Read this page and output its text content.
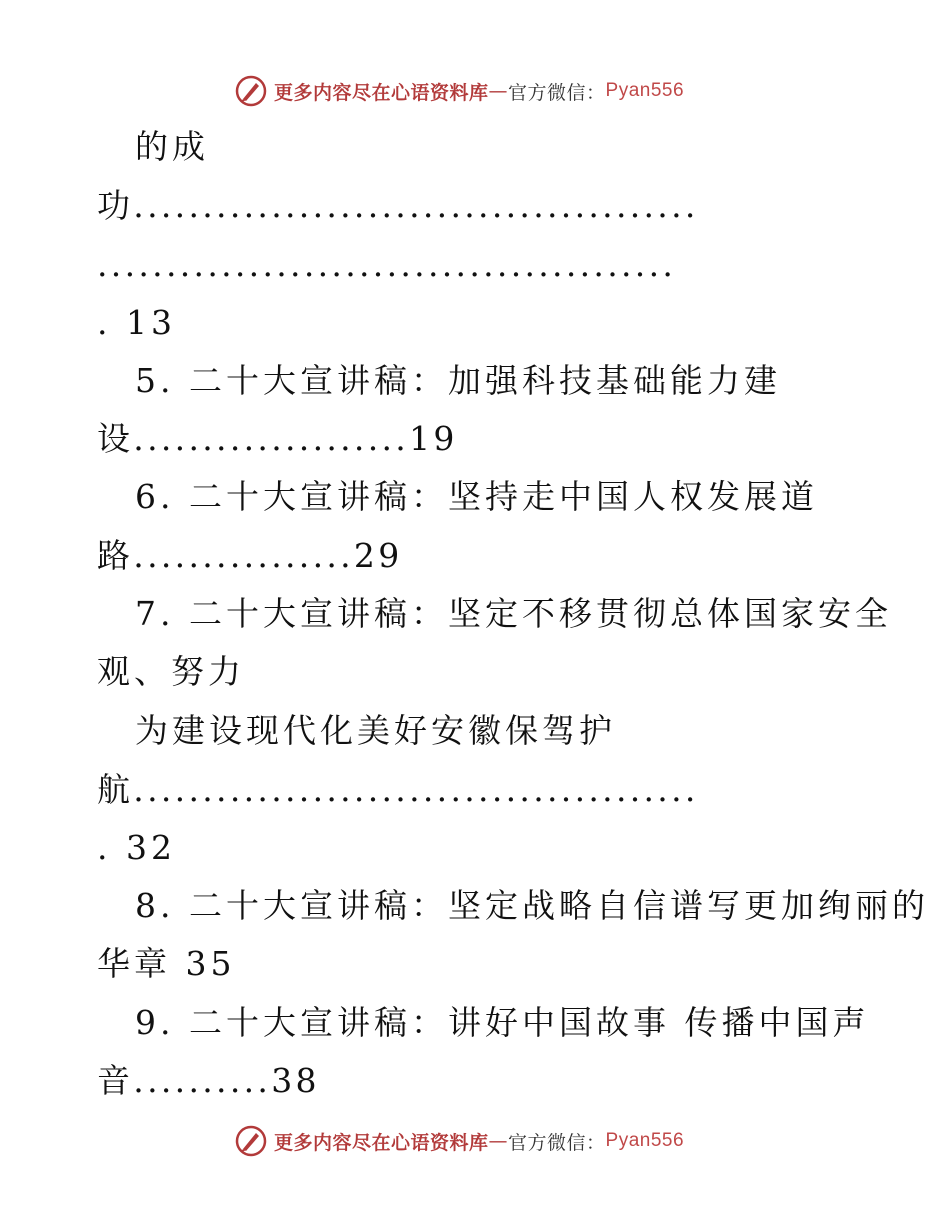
更多内容尽在心语资料库 — 官方微信： Pyan556
的成
功.........................................
..........................................
. 13
5. 二十大宣讲稿：加强科技基础能力建
设....................19
6. 二十大宣讲稿：坚持走中国人权发展道
路................29
7. 二十大宣讲稿：坚定不移贯彻总体国家安全
观、努力
为建设现代化美好安徽保驾护
航.........................................
. 32
8. 二十大宣讲稿：坚定战略自信谱写更加绚丽的
华章 35
9. 二十大宣讲稿：讲好中国故事 传播中国声
音..........38
更多内容尽在心语资料库 — 官方微信： Pyan556
